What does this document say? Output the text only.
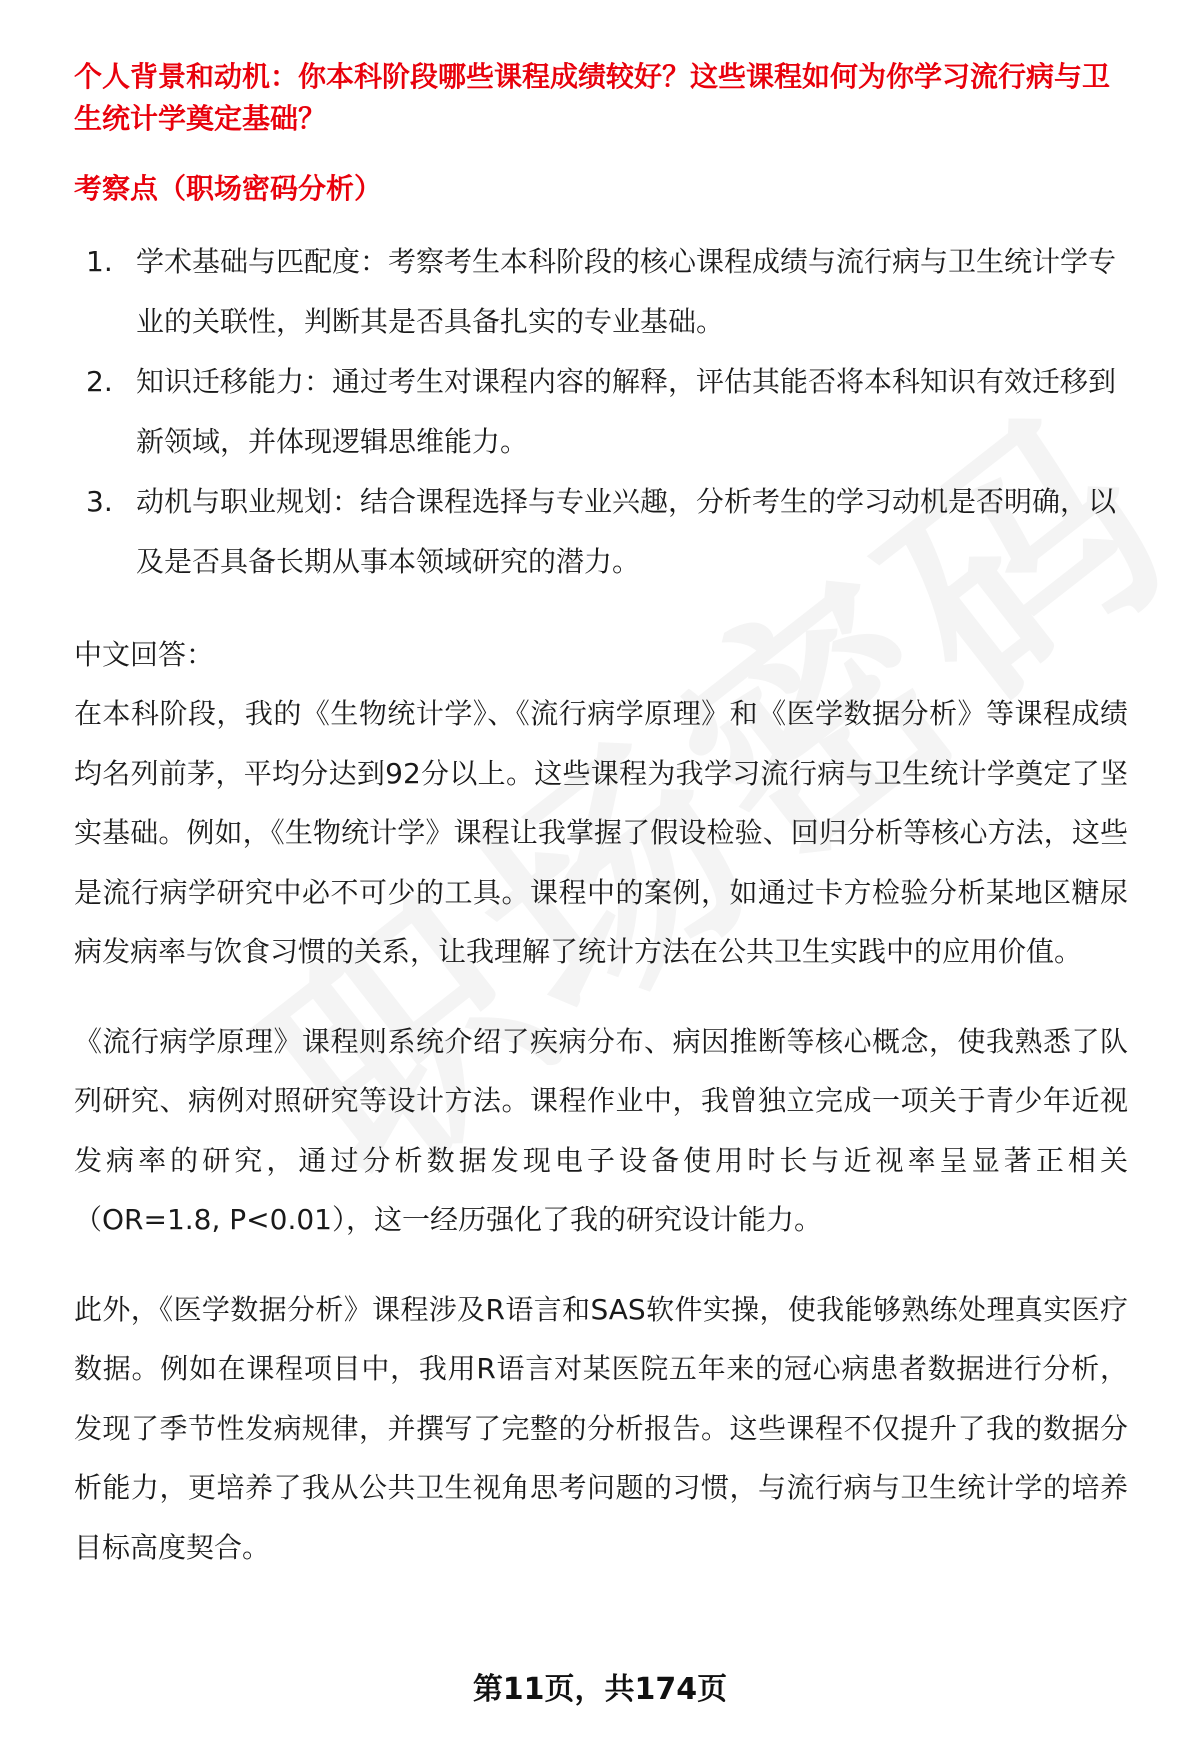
个人背景和动机：你本科阶段哪些课程成绩较好？这些课程如何为你学习流行病与卫生统计学奠定基础？
考察点（职场密码分析）
1. 学术基础与匹配度：考察考生本科阶段的核心课程成绩与流行病与卫生统计学专业的关联性，判断其是否具备扎实的专业基础。
2. 知识迁移能力：通过考生对课程内容的解释，评估其能否将本科知识有效迁移到新领域，并体现逻辑思维能力。
3. 动机与职业规划：结合课程选择与专业兴趣，分析考生的学习动机是否明确，以及是否具备长期从事本领域研究的潜力。

中文回答：

在本科阶段，我的《生物统计学》、《流行病学原理》和《医学数据分析》等课程成绩均名列前茅，平均分达到92分以上。这些课程为我学习流行病与卫生统计学奠定了坚实基础。例如，《生物统计学》课程让我掌握了假设检验、回归分析等核心方法，这些是流行病学研究中必不可少的工具。课程中的案例，如通过卡方检验分析某地区糖尿病发病率与饮食习惯的关系，让我理解了统计方法在公共卫生实践中的应用价值。

《流行病学原理》课程则系统介绍了疾病分布、病因推断等核心概念，使我熟悉了队列研究、病例对照研究等设计方法。课程作业中，我曾独立完成一项关于青少年近视发病率的研究，通过分析数据发现电子设备使用时长与近视率呈显著正相关（OR=1.8, P<0.01），这一经历强化了我的研究设计能力。

此外，《医学数据分析》课程涉及R语言和SAS软件实操，使我能够熟练处理真实医疗数据。例如在课程项目中，我用R语言对某医院五年来的冠心病患者数据进行分析，发现了季节性发病规律，并撰写了完整的分析报告。这些课程不仅提升了我的数据分析能力，更培养了我从公共卫生视角思考问题的习惯，与流行病与卫生统计学的培养目标高度契合。

第11页，共174页
